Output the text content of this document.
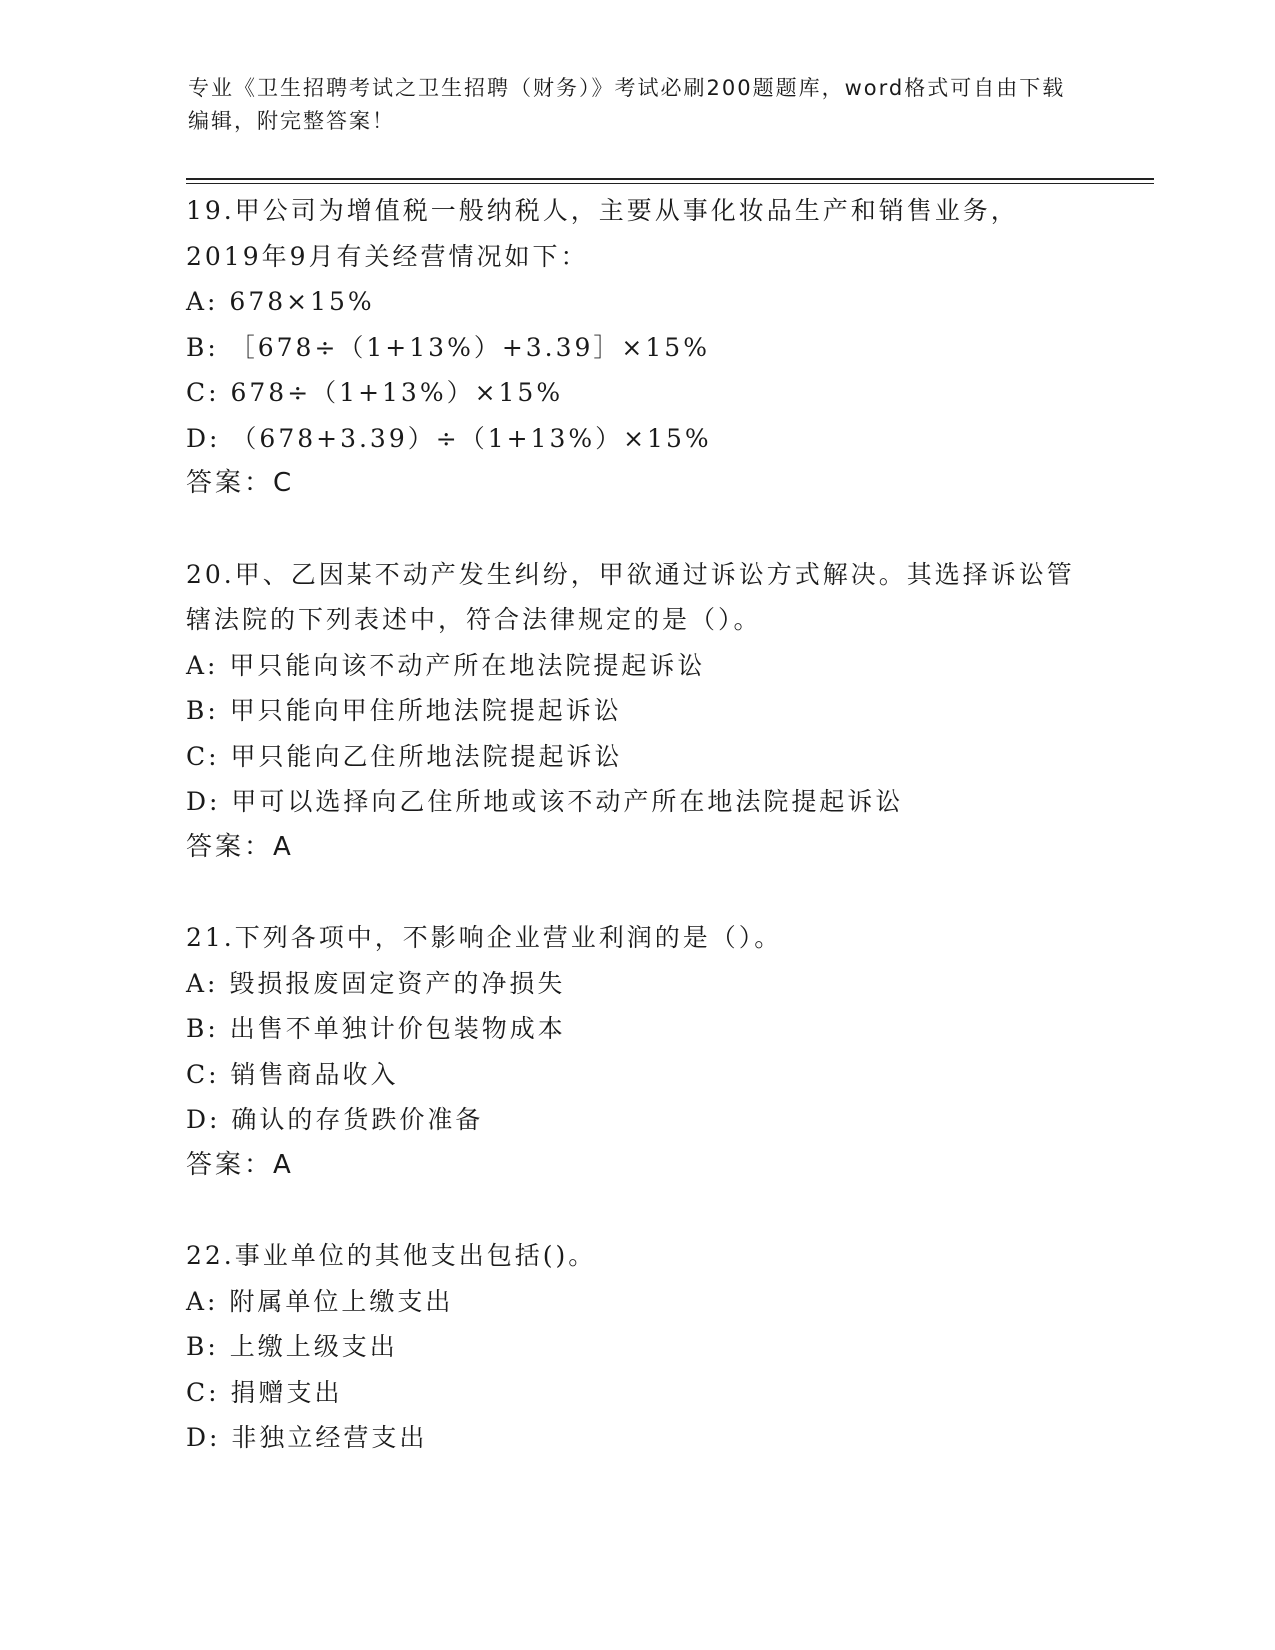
专业《卫生招聘考试之卫生招聘（财务）》考试必刷200题题库，word格式可自由下载编辑，附完整答案！

19.甲公司为增值税一般纳税人，主要从事化妆品生产和销售业务，2019年9月有关经营情况如下：

A: 678×15%

B: ［678÷（1+13%）+3.39］×15%

C: 678÷（1+13%）×15%

D: （678+3.39）÷（1+13%）×15%

答案：C

20.甲、乙因某不动产发生纠纷，甲欲通过诉讼方式解决。其选择诉讼管辖法院的下列表述中，符合法律规定的是（）。

A: 甲只能向该不动产所在地法院提起诉讼

B: 甲只能向甲住所地法院提起诉讼

C: 甲只能向乙住所地法院提起诉讼

D: 甲可以选择向乙住所地或该不动产所在地法院提起诉讼

答案：A

21.下列各项中，不影响企业营业利润的是（）。

A: 毁损报废固定资产的净损失

B: 出售不单独计价包装物成本

C: 销售商品收入

D: 确认的存货跌价准备

答案：A

22.事业单位的其他支出包括()。

A: 附属单位上缴支出

B: 上缴上级支出

C: 捐赠支出

D: 非独立经营支出
